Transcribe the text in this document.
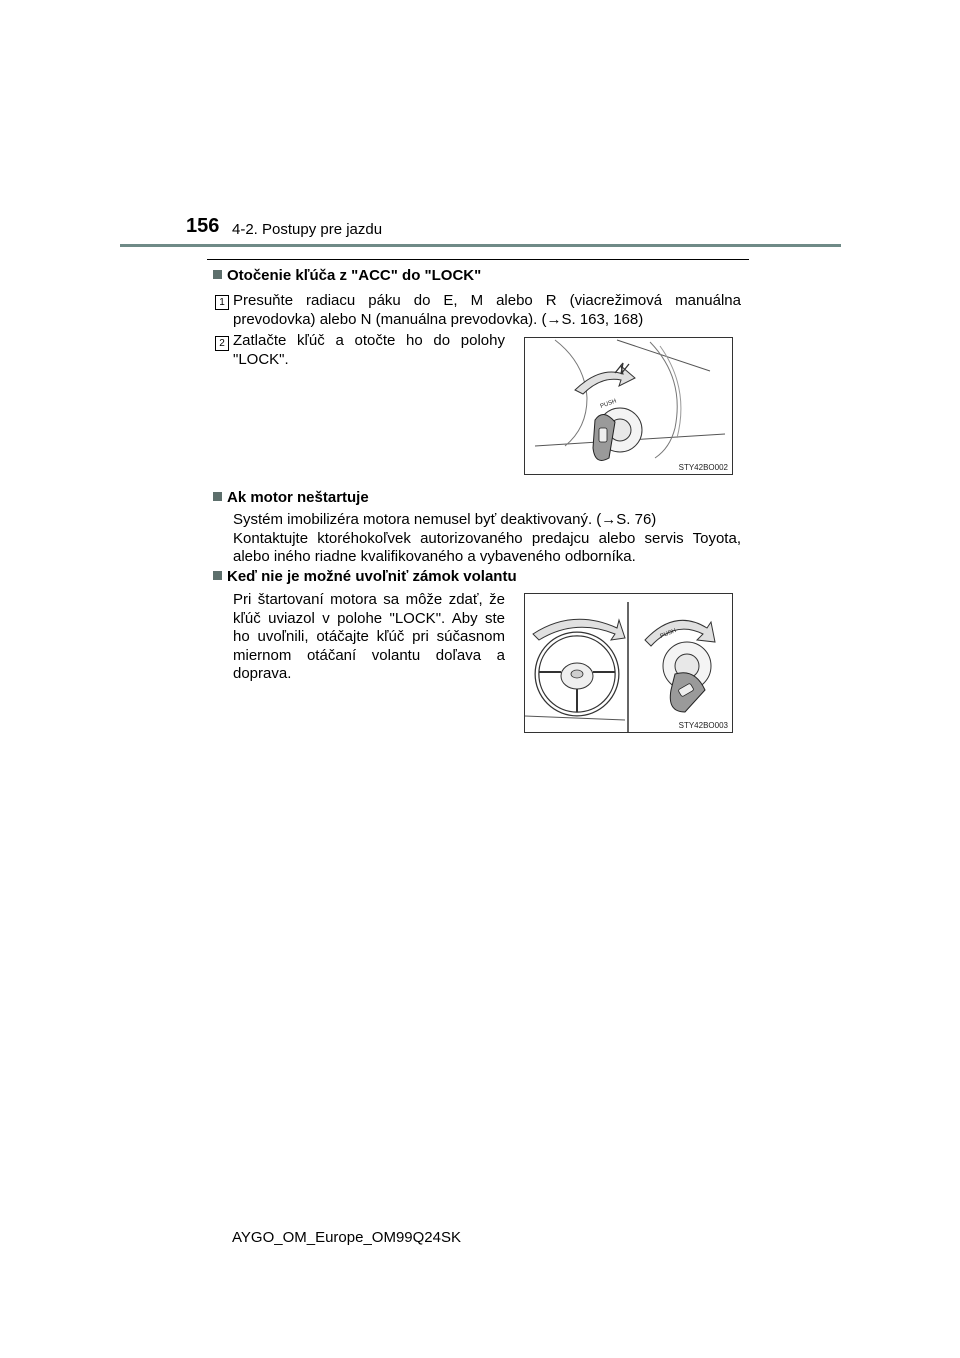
156 4-2. Postupy pre jazdu
Otočenie kľúča z "ACC" do "LOCK"
1 Presuňte radiacu páku do E, M alebo R (viacrežimová manuálna prevodovka) alebo N (manuálna prevodovka). (→S. 163, 168)
2 Zatlačte kľúč a otočte ho do polohy "LOCK".
PUSH
STY42BO002
Ak motor neštartuje

Systém imobilizéra motora nemusel byť deaktivovaný. (→S. 76)

Kontaktujte ktoréhokoľvek autorizovaného predajcu alebo servis Toyota, alebo iného riadne kvalifikovaného a vybaveného odborníka.

Keď nie je možné uvoľniť zámok volantu
Pri štartovaní motora sa môže zdať, že kľúč uviazol v polohe "LOCK". Aby ste ho uvoľnili, otáčajte kľúč pri súčasnom miernom otáčaní volantu doľava a doprava.
PUSH
STY42BO003
AYGO_OM_Europe_OM99Q24SK
